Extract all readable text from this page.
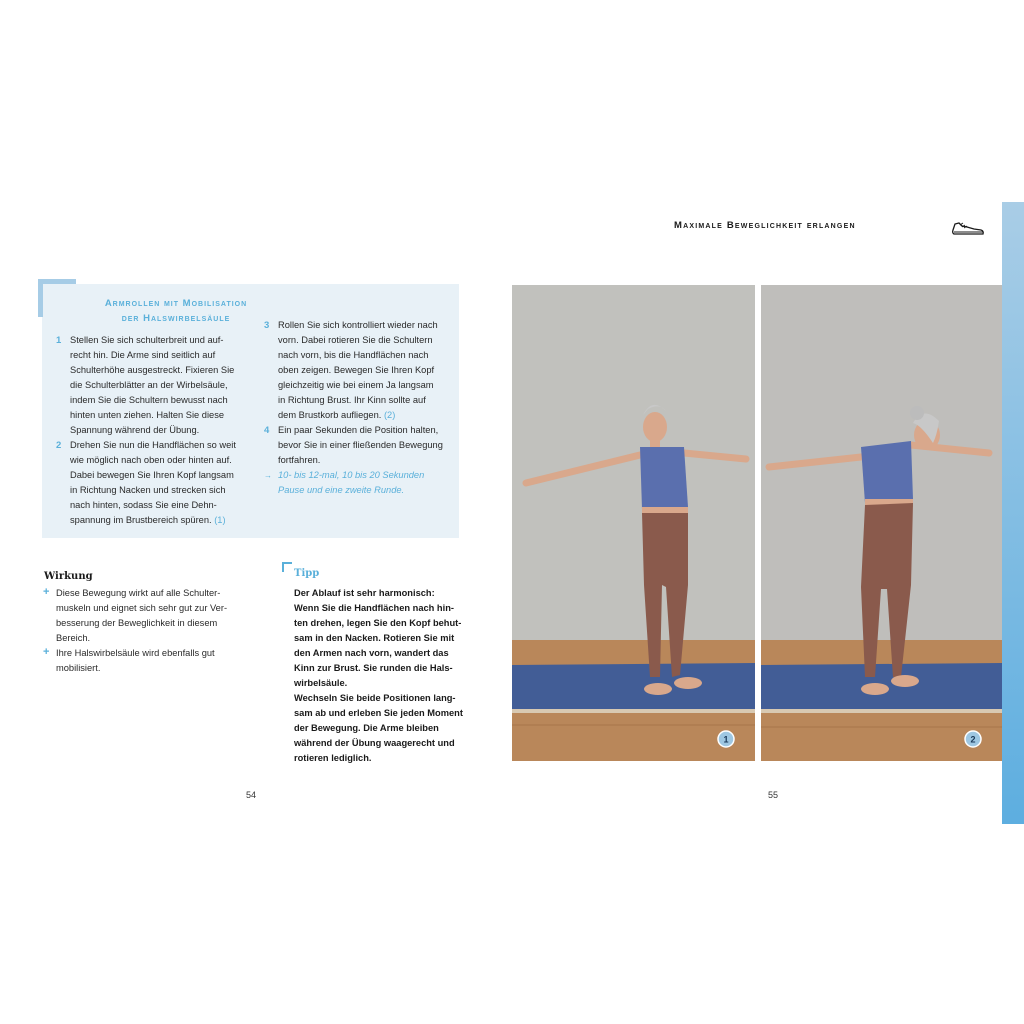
Maximale Beweglichkeit erlangen
Armrollen mit Mobilisation
der Halswirbelsäule
1 Stellen Sie sich schulterbreit und auf-
recht hin. Die Arme sind seitlich auf
Schulterhöhe ausgestreckt. Fixieren Sie
die Schulterblätter an der Wirbelsäule,
indem Sie die Schultern bewusst nach
hinten unten ziehen. Halten Sie diese
Spannung während der Übung.
2 Drehen Sie nun die Handflächen so weit
wie möglich nach oben oder hinten auf.
Dabei bewegen Sie Ihren Kopf langsam
in Richtung Nacken und strecken sich
nach hinten, sodass Sie eine Dehn-
spannung im Brustbereich spüren. (1)
3 Rollen Sie sich kontrolliert wieder nach
vorn. Dabei rotieren Sie die Schultern
nach vorn, bis die Handflächen nach
oben zeigen. Bewegen Sie Ihren Kopf
gleichzeitig wie bei einem Ja langsam
in Richtung Brust. Ihr Kinn sollte auf
dem Brustkorb aufliegen. (2)
4 Ein paar Sekunden die Position halten,
bevor Sie in einer fließenden Bewegung
fortfahren.
→ 10- bis 12-mal, 10 bis 20 Sekunden
Pause und eine zweite Runde.
Wirkung
+ Diese Bewegung wirkt auf alle Schulter-
muskeln und eignet sich sehr gut zur Ver-
besserung der Beweglichkeit in diesem
Bereich.
+ Ihre Halswirbelsäule wird ebenfalls gut
mobilisiert.
Tipp
Der Ablauf ist sehr harmonisch:
Wenn Sie die Handflächen nach hin-
ten drehen, legen Sie den Kopf behut-
sam in den Nacken. Rotieren Sie mit
den Armen nach vorn, wandert das
Kinn zur Brust. Sie runden die Hals-
wirbelsäule.
Wechseln Sie beide Positionen lang-
sam ab und erleben Sie jeden Moment
der Bewegung. Die Arme bleiben
während der Übung waagerecht und
rotieren lediglich.
1	2
54	55
